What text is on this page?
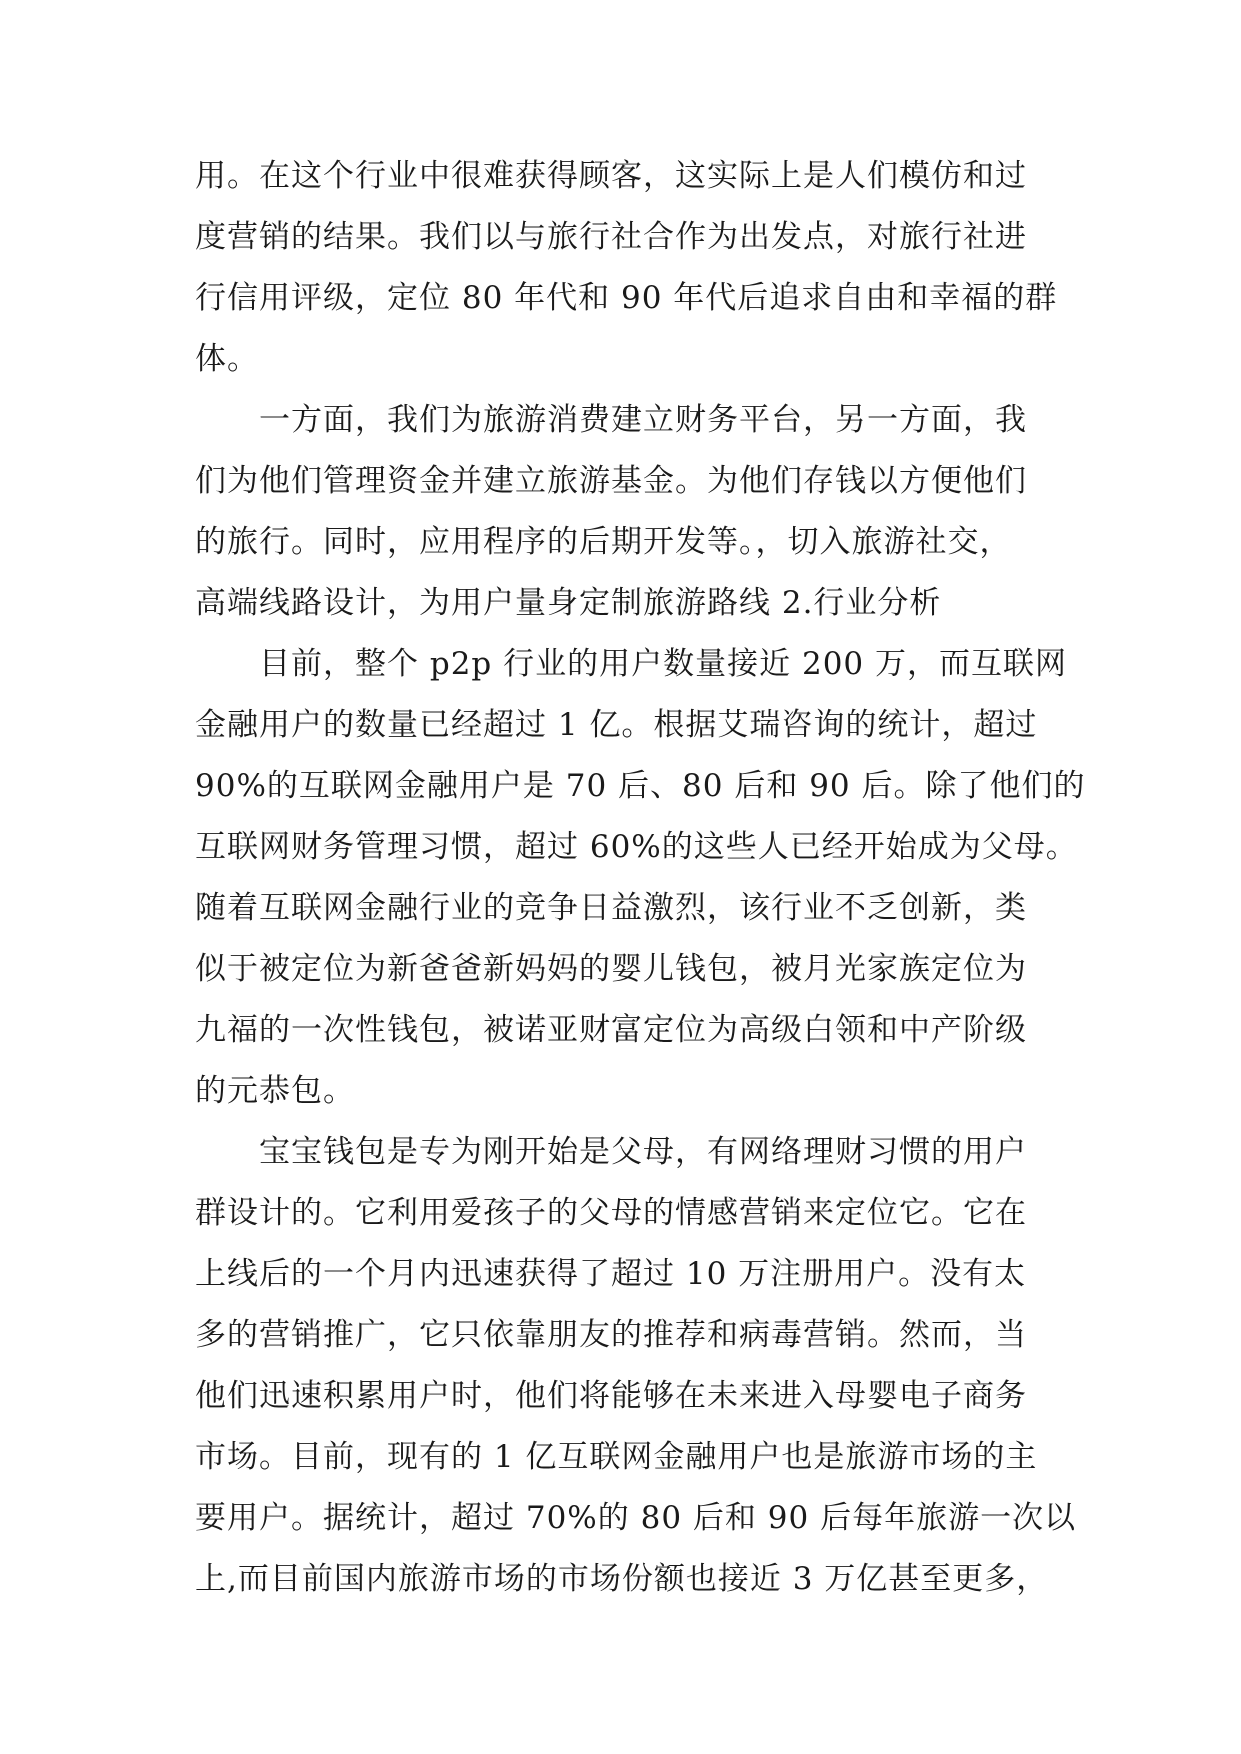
用。在这个行业中很难获得顾客，这实际上是人们模仿和过
度营销的结果。我们以与旅行社合作为出发点，对旅行社进
行信用评级，定位 80 年代和 90 年代后追求自由和幸福的群
体。
　　一方面，我们为旅游消费建立财务平台，另一方面，我
们为他们管理资金并建立旅游基金。为他们存钱以方便他们
的旅行。同时，应用程序的后期开发等。，切入旅游社交，
高端线路设计，为用户量身定制旅游路线 2.行业分析
　　目前，整个 p2p 行业的用户数量接近 200 万，而互联网
金融用户的数量已经超过 1 亿。根据艾瑞咨询的统计，超过
90%的互联网金融用户是 70 后、80 后和 90 后。除了他们的
互联网财务管理习惯，超过 60%的这些人已经开始成为父母。
随着互联网金融行业的竞争日益激烈，该行业不乏创新，类
似于被定位为新爸爸新妈妈的婴儿钱包，被月光家族定位为
九福的一次性钱包，被诺亚财富定位为高级白领和中产阶级
的元恭包。
　　宝宝钱包是专为刚开始是父母，有网络理财习惯的用户
群设计的。它利用爱孩子的父母的情感营销来定位它。它在
上线后的一个月内迅速获得了超过 10 万注册用户。没有太
多的营销推广，它只依靠朋友的推荐和病毒营销。然而，当
他们迅速积累用户时，他们将能够在未来进入母婴电子商务
市场。目前，现有的 1 亿互联网金融用户也是旅游市场的主
要用户。据统计，超过 70%的 80 后和 90 后每年旅游一次以
上,而目前国内旅游市场的市场份额也接近 3 万亿甚至更多，
